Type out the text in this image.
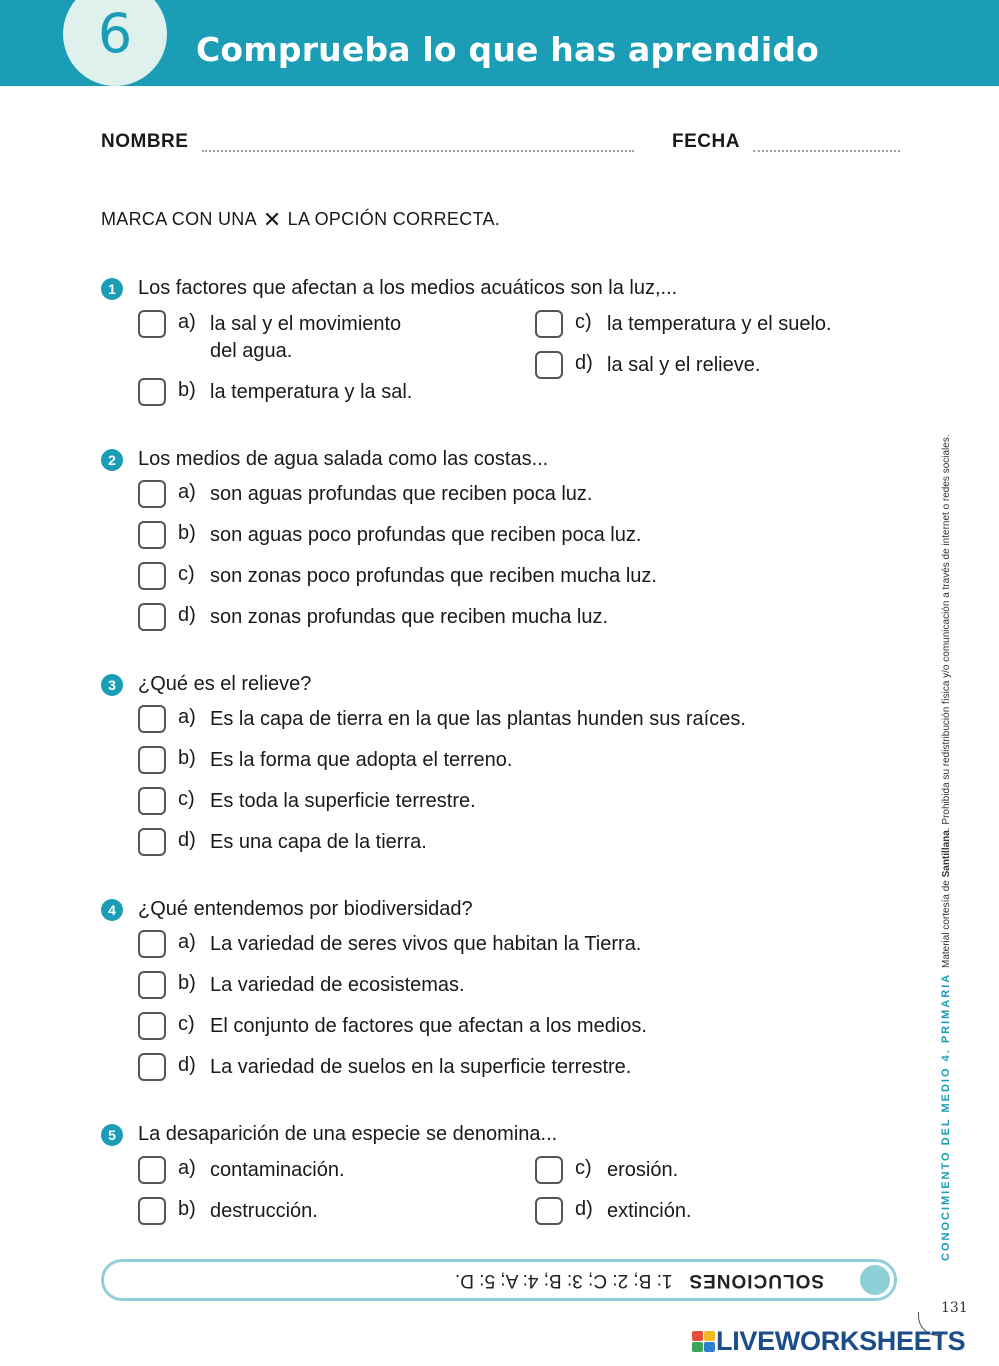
6	Comprueba lo que has aprendido
NOMBRE	FECHA
MARCA CON UNA ✕ LA OPCIÓN CORRECTA.
1	Los factores que afectan a los medios acuáticos son la luz,...
a) la sal y el movimiento
del agua.
b) la temperatura y la sal.
c) la temperatura y el suelo.
d) la sal y el relieve.
2	Los medios de agua salada como las costas...
a) son aguas profundas que reciben poca luz.
b) son aguas poco profundas que reciben poca luz.
c) son zonas poco profundas que reciben mucha luz.
d) son zonas profundas que reciben mucha luz.
3	¿Qué es el relieve?
a) Es la capa de tierra en la que las plantas hunden sus raíces.
b) Es la forma que adopta el terreno.
c) Es toda la superficie terrestre.
d) Es una capa de la tierra.
4	¿Qué entendemos por biodiversidad?
a) La variedad de seres vivos que habitan la Tierra.
b) La variedad de ecosistemas.
c) El conjunto de factores que afectan a los medios.
d) La variedad de suelos en la superficie terrestre.
5	La desaparición de una especie se denomina...
a) contaminación.
b) destrucción.
c) erosión.
d) extinción.
SOLUCIONES   1: B; 2: C; 3: B; 4: A; 5: D.
Material cortesía de Santillana. Prohibida su redistribución física y/o comunicación a través de internet o redes sociales.
CONOCIMIENTO DEL MEDIO 4. PRIMARIA
131
LIVEWORKSHEETS
